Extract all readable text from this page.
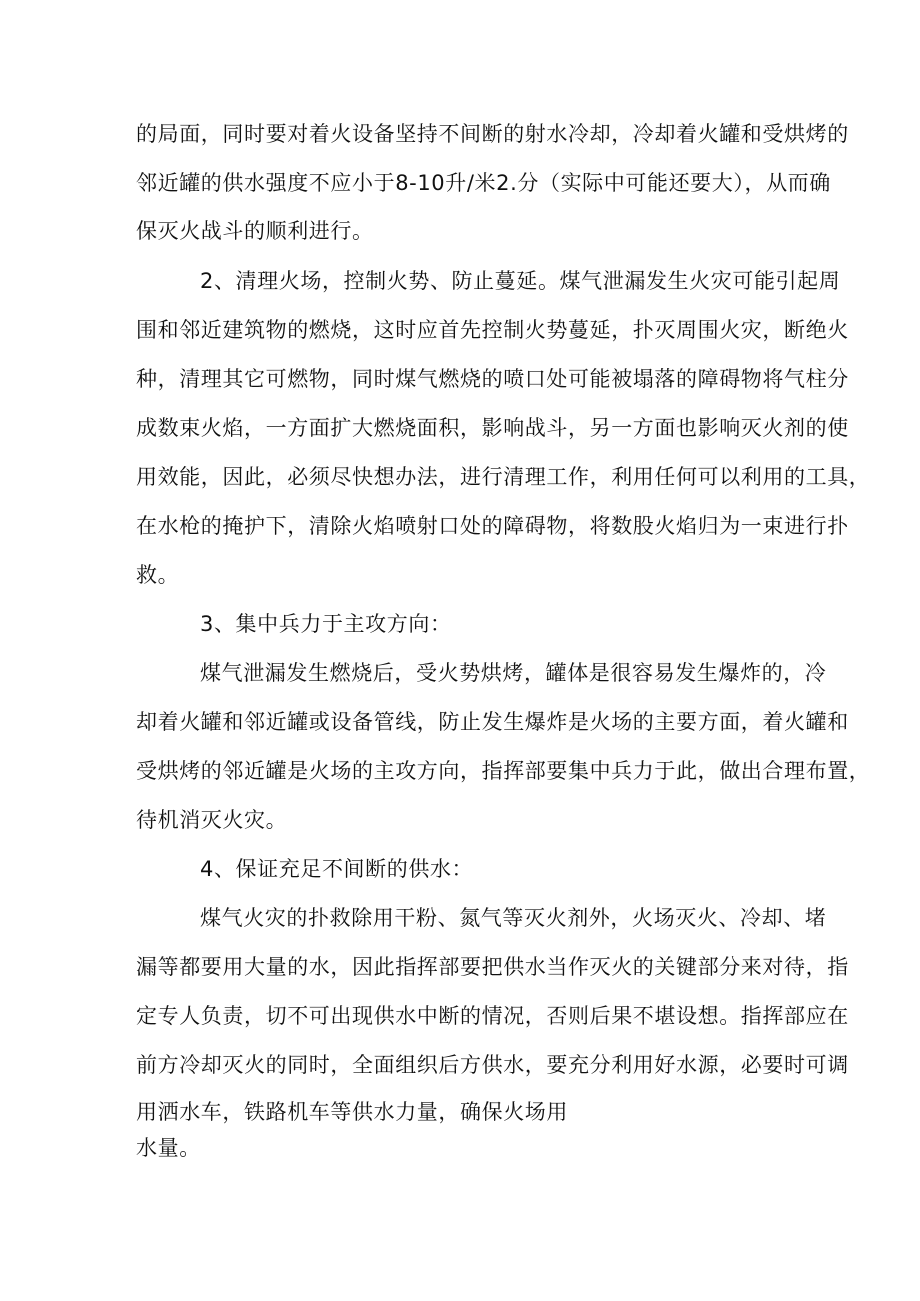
的局面，同时要对着火设备坚持不间断的射水冷却，冷却着火罐和受烘烤的
邻近罐的供水强度不应小于8-10升/米2.分（实际中可能还要大），从而确
保灭火战斗的顺利进行。
2、清理火场，控制火势、防止蔓延。煤气泄漏发生火灾可能引起周
围和邻近建筑物的燃烧，这时应首先控制火势蔓延，扑灭周围火灾，断绝火
种，清理其它可燃物，同时煤气燃烧的喷口处可能被塌落的障碍物将气柱分
成数束火焰，一方面扩大燃烧面积，影响战斗，另一方面也影响灭火剂的使
用效能，因此，必须尽快想办法，进行清理工作，利用任何可以利用的工具，
在水枪的掩护下，清除火焰喷射口处的障碍物，将数股火焰归为一束进行扑
救。
3、集中兵力于主攻方向：
煤气泄漏发生燃烧后，受火势烘烤，罐体是很容易发生爆炸的，冷
却着火罐和邻近罐或设备管线，防止发生爆炸是火场的主要方面，着火罐和
受烘烤的邻近罐是火场的主攻方向，指挥部要集中兵力于此，做出合理布置，
待机消灭火灾。
4、保证充足不间断的供水：
煤气火灾的扑救除用干粉、氮气等灭火剂外，火场灭火、冷却、堵
漏等都要用大量的水，因此指挥部要把供水当作灭火的关键部分来对待，指
定专人负责，切不可出现供水中断的情况，否则后果不堪设想。指挥部应在
前方冷却灭火的同时，全面组织后方供水，要充分利用好水源，必要时可调
用洒水车，铁路机车等供水力量，确保火场用
水量。
